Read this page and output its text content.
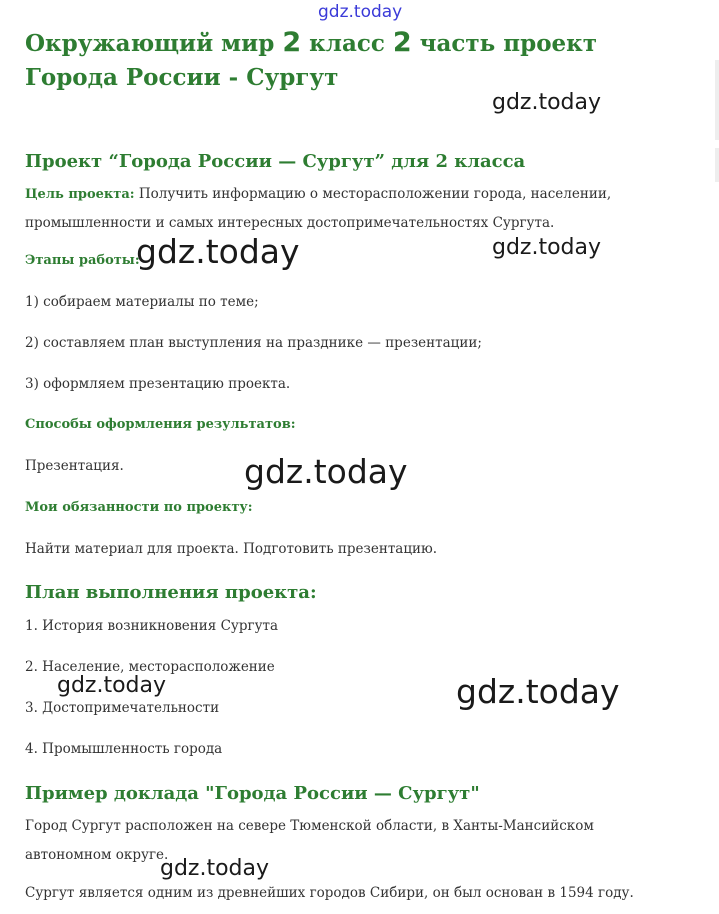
gdz.today
gdz.today
gdz.today
gdz.today
gdz.today
gdz.today	gdz.today
gdz.today
Окружающий мир 2 класс 2 часть проект Города России - Сургут
Проект “Города России — Сургут” для 2 класса
Цель проекта: Получить информацию о месторасположении города, населении, промышленности и самых интересных достопримечательностях Сургута.
Этапы работы:
1) собираем материалы по теме;
2) составляем план выступления на празднике — презентации;
3) оформляем презентацию проекта.
Способы оформления результатов:
Презентация.
Мои обязанности по проекту:
Найти материал для проекта. Подготовить презентацию.
План выполнения проекта:
1. История возникновения Сургута
2. Население, месторасположение
3. Достопримечательности
4. Промышленность города
Пример доклада "Города России — Сургут"
Город Сургут расположен на севере Тюменской области, в Ханты-Мансийском автономном округе.
Сургут является одним из древнейших городов Сибири, он был основан в 1594 году.
